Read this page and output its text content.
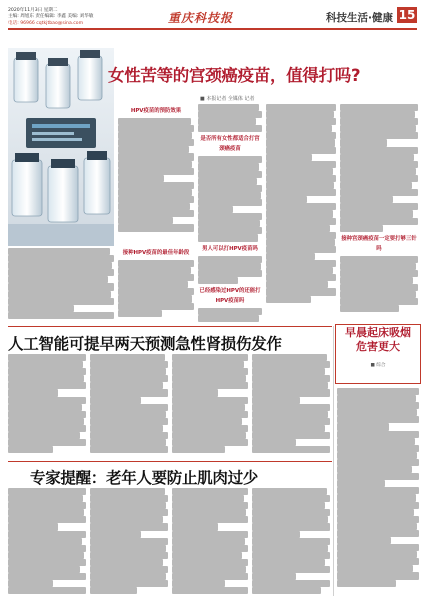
2020年11月3日 星期二
主编: 周旭东 责任编辑: 李鑫 美编: 刘华敏
电话: 96966 cqtkjtbao@sina.com	重庆科技报	科技生活·健康 15
女性苦等的宫颈癌疫苗，值得打吗?
■ 本报记者 全媒体 记者
HPV疫苗的预防效果
是否所有女性都适合打宫颈癌疫苗
男人可以打HPV疫苗吗
已经感染过HPV的还能打HPV疫苗吗
接种宫颈癌疫苗一定要打够三针吗
接种HPV疫苗的最佳年龄段
人工智能可提早两天预测急性肾损伤发作
专家提醒：老年人要防止肌肉过少
早晨起床吸烟
危害更大
■ 综合
